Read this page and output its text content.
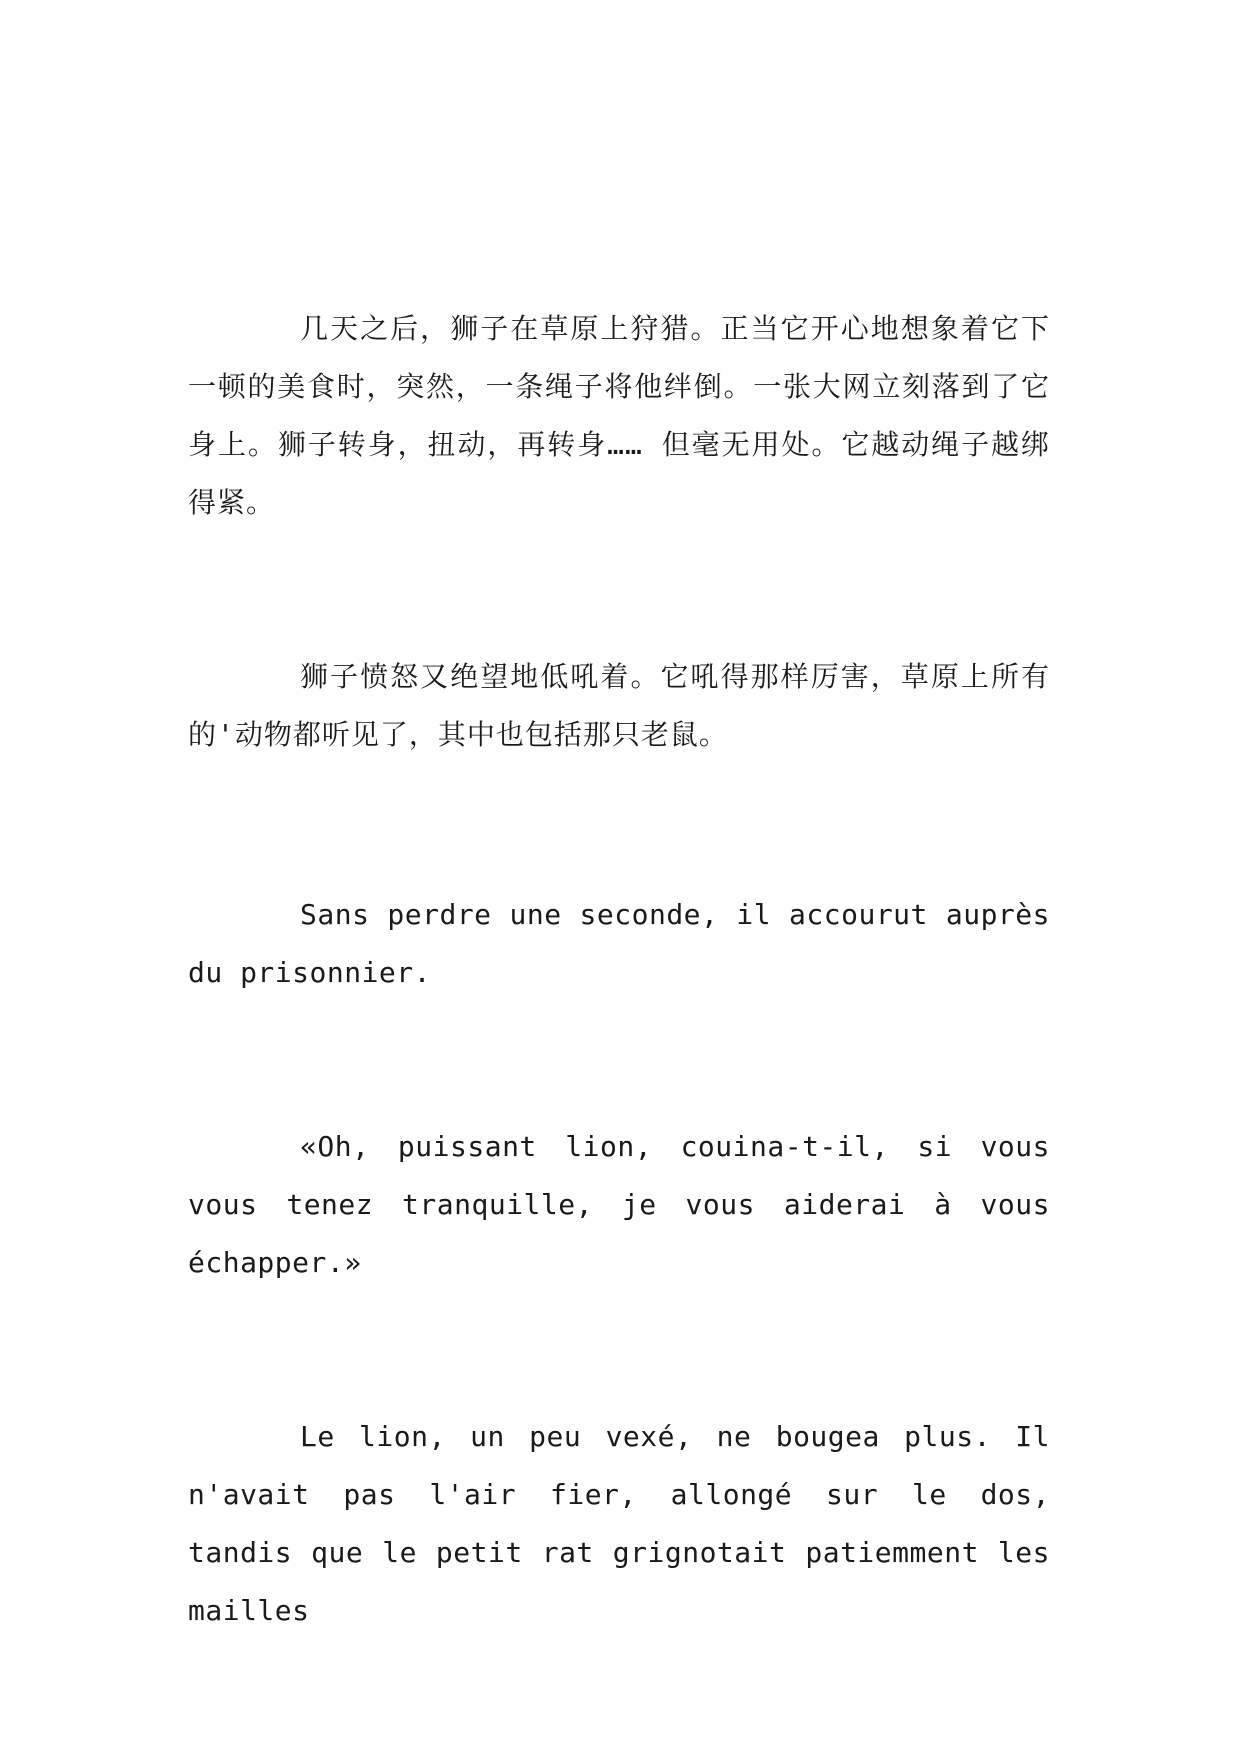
几天之后，狮子在草原上狩猎。正当它开心地想象着它下一顿的美食时，突然，一条绳子将他绊倒。一张大网立刻落到了它身上。狮子转身，扭动，再转身…… 但毫无用处。它越动绳子越绑得紧。

狮子愤怒又绝望地低吼着。它吼得那样厉害，草原上所有的'动物都听见了，其中也包括那只老鼠。

Sans perdre une seconde, il accourut auprès du prisonnier.

«Oh, puissant lion, couina-t-il, si vous vous tenez tranquille, je vous aiderai à vous échapper.»

Le lion, un peu vexé, ne bougea plus. Il n'avait pas l'air fier, allongé sur le dos, tandis que le petit rat grignotait patiemment les mailles
